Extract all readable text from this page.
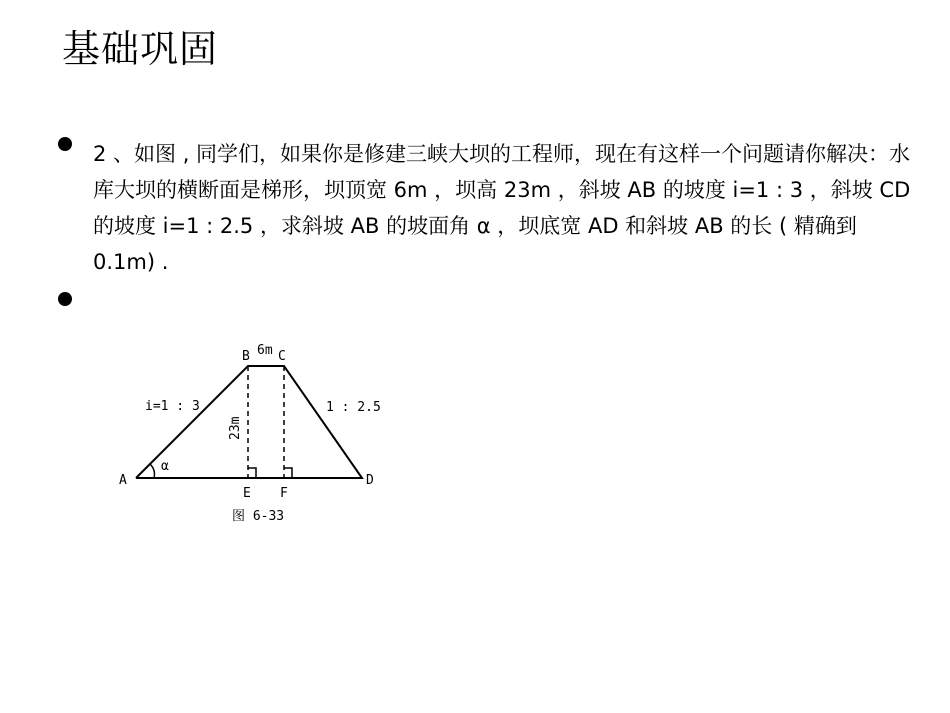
基础巩固

2 、如图 , 同学们，如果你是修建三峡大坝的工程师，现在有这样一个问题请你解决：水库大坝的横断面是梯形，坝顶宽 6m ，坝高 23m ，斜坡 AB 的坡度 i=1 : 3 ，斜坡 CD 的坡度 i=1 : 2.5 ，求斜坡 AB 的坡面角 α ，坝底宽 AD 和斜坡 AB 的长 ( 精确到 0.1m) .

A
B C
D
E F
6m
23m
i=1 : 3	1 : 2.5
α
图 6-33
